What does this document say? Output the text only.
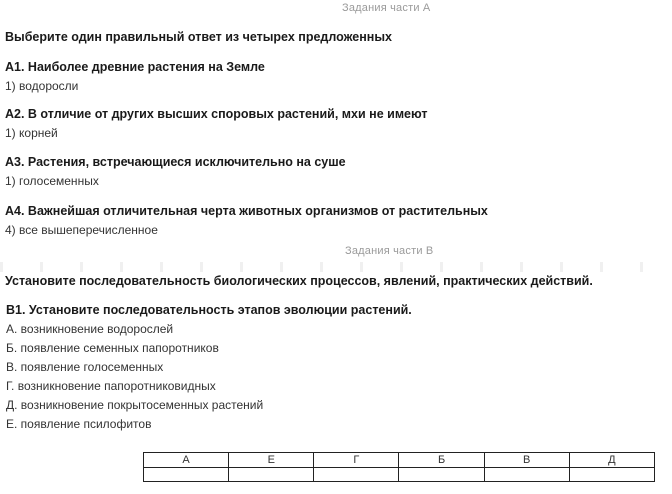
Задания части А
Выберите один правильный ответ из четырех предложенных
А1. Наиболее древние растения на Земле
1) водоросли
А2. В отличие от других высших споровых растений, мхи не имеют
1) корней
А3. Растения, встречающиеся исключительно на суше
1) голосеменных
А4. Важнейшая отличительная черта животных организмов от растительных
4) все вышеперечисленное
Задания части В
Установите последовательность биологических процессов, явлений, практических действий.
В1. Установите последовательность этапов эволюции растений.
А. возникновение водорослей
Б. появление семенных папоротников
В. появление голосеменных
Г. возникновение папоротниковидных
Д. возникновение покрытосеменных растений
Е. появление псилофитов
А	Е	Г	Б	В	Д
